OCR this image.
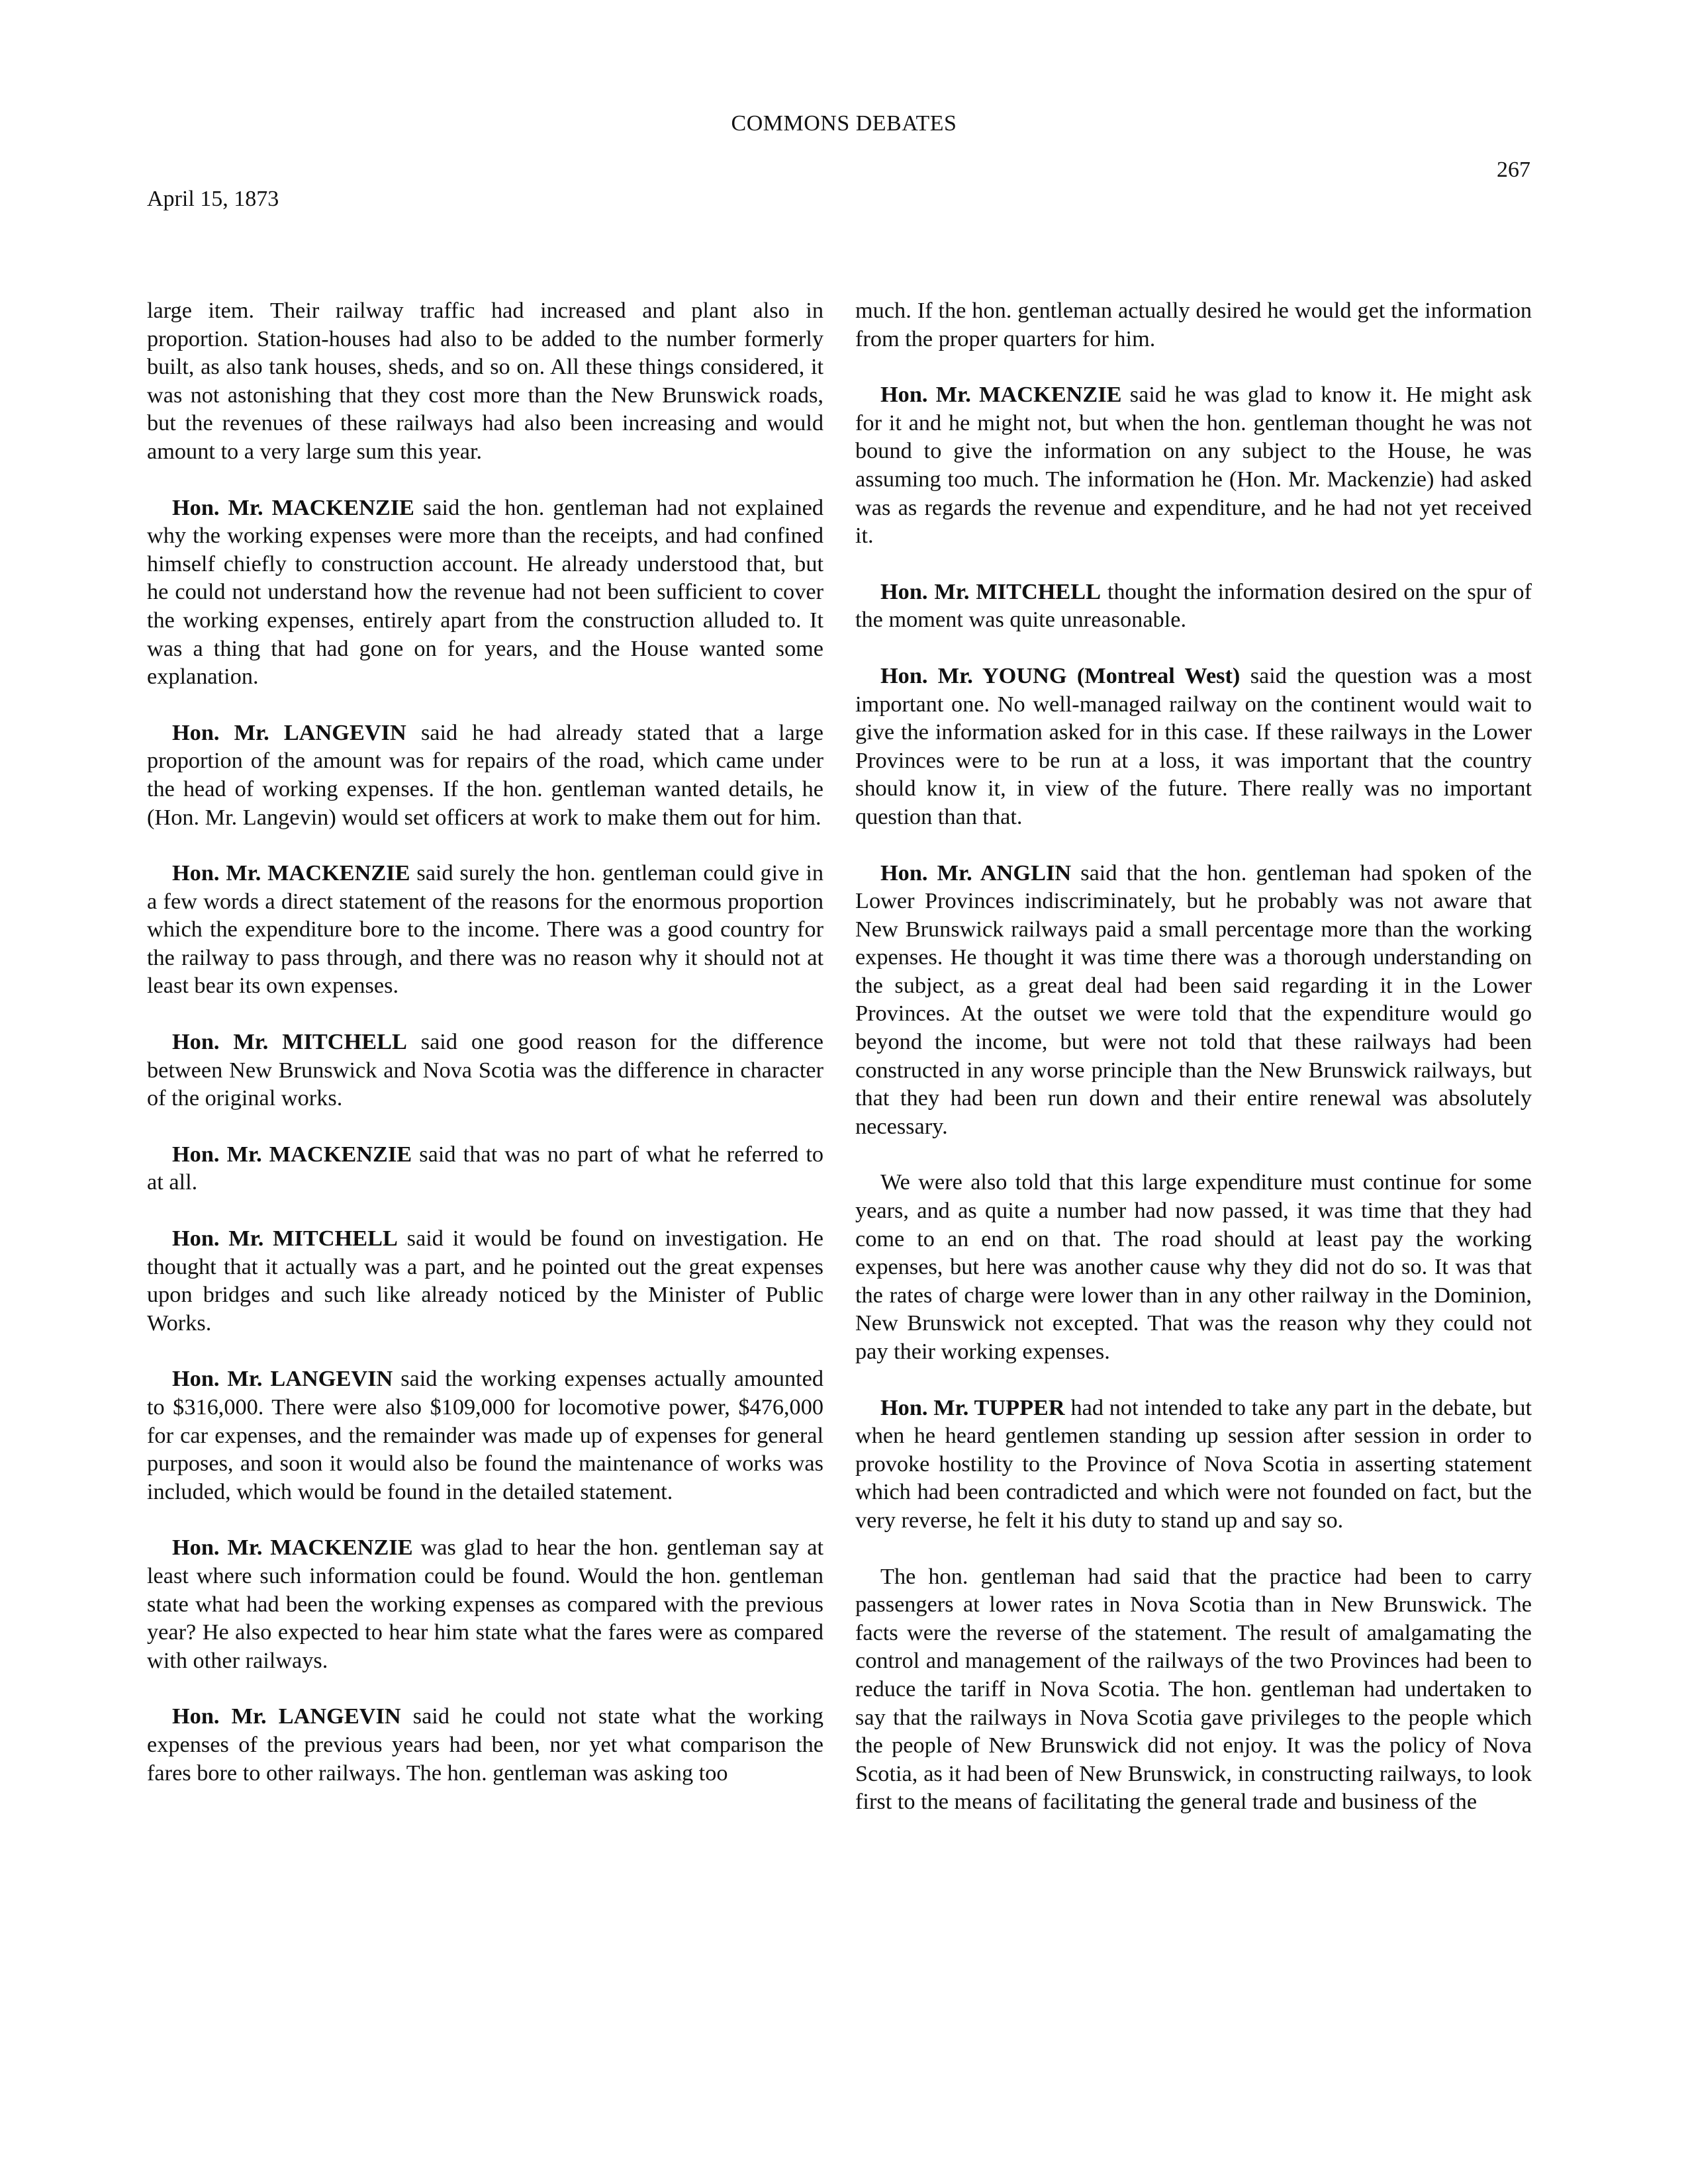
COMMONS DEBATES
267
April 15, 1873

large item. Their railway traffic had increased and plant also in proportion. Station-houses had also to be added to the number formerly built, as also tank houses, sheds, and so on. All these things considered, it was not astonishing that they cost more than the New Brunswick roads, but the revenues of these railways had also been increasing and would amount to a very large sum this year.

Hon. Mr. MACKENZIE said the hon. gentleman had not explained why the working expenses were more than the receipts, and had confined himself chiefly to construction account. He already understood that, but he could not understand how the revenue had not been sufficient to cover the working expenses, entirely apart from the construction alluded to. It was a thing that had gone on for years, and the House wanted some explanation.

Hon. Mr. LANGEVIN said he had already stated that a large proportion of the amount was for repairs of the road, which came under the head of working expenses. If the hon. gentleman wanted details, he (Hon. Mr. Langevin) would set officers at work to make them out for him.

Hon. Mr. MACKENZIE said surely the hon. gentleman could give in a few words a direct statement of the reasons for the enormous proportion which the expenditure bore to the income. There was a good country for the railway to pass through, and there was no reason why it should not at least bear its own expenses.

Hon. Mr. MITCHELL said one good reason for the difference between New Brunswick and Nova Scotia was the difference in character of the original works.

Hon. Mr. MACKENZIE said that was no part of what he referred to at all.

Hon. Mr. MITCHELL said it would be found on investigation. He thought that it actually was a part, and he pointed out the great expenses upon bridges and such like already noticed by the Minister of Public Works.

Hon. Mr. LANGEVIN said the working expenses actually amounted to $316,000. There were also $109,000 for locomotive power, $476,000 for car expenses, and the remainder was made up of expenses for general purposes, and soon it would also be found the maintenance of works was included, which would be found in the detailed statement.

Hon. Mr. MACKENZIE was glad to hear the hon. gentleman say at least where such information could be found. Would the hon. gentleman state what had been the working expenses as compared with the previous year? He also expected to hear him state what the fares were as compared with other railways.

Hon. Mr. LANGEVIN said he could not state what the working expenses of the previous years had been, nor yet what comparison the fares bore to other railways. The hon. gentleman was asking too

much. If the hon. gentleman actually desired he would get the information from the proper quarters for him.

Hon. Mr. MACKENZIE said he was glad to know it. He might ask for it and he might not, but when the hon. gentleman thought he was not bound to give the information on any subject to the House, he was assuming too much. The information he (Hon. Mr. Mackenzie) had asked was as regards the revenue and expenditure, and he had not yet received it.

Hon. Mr. MITCHELL thought the information desired on the spur of the moment was quite unreasonable.

Hon. Mr. YOUNG (Montreal West) said the question was a most important one. No well-managed railway on the continent would wait to give the information asked for in this case. If these railways in the Lower Provinces were to be run at a loss, it was important that the country should know it, in view of the future. There really was no important question than that.

Hon. Mr. ANGLIN said that the hon. gentleman had spoken of the Lower Provinces indiscriminately, but he probably was not aware that New Brunswick railways paid a small percentage more than the working expenses. He thought it was time there was a thorough understanding on the subject, as a great deal had been said regarding it in the Lower Provinces. At the outset we were told that the expenditure would go beyond the income, but were not told that these railways had been constructed in any worse principle than the New Brunswick railways, but that they had been run down and their entire renewal was absolutely necessary.

We were also told that this large expenditure must continue for some years, and as quite a number had now passed, it was time that they had come to an end on that. The road should at least pay the working expenses, but here was another cause why they did not do so. It was that the rates of charge were lower than in any other railway in the Dominion, New Brunswick not excepted. That was the reason why they could not pay their working expenses.

Hon. Mr. TUPPER had not intended to take any part in the debate, but when he heard gentlemen standing up session after session in order to provoke hostility to the Province of Nova Scotia in asserting statement which had been contradicted and which were not founded on fact, but the very reverse, he felt it his duty to stand up and say so.

The hon. gentleman had said that the practice had been to carry passengers at lower rates in Nova Scotia than in New Brunswick. The facts were the reverse of the statement. The result of amalgamating the control and management of the railways of the two Provinces had been to reduce the tariff in Nova Scotia. The hon. gentleman had undertaken to say that the railways in Nova Scotia gave privileges to the people which the people of New Brunswick did not enjoy. It was the policy of Nova Scotia, as it had been of New Brunswick, in constructing railways, to look first to the means of facilitating the general trade and business of the
